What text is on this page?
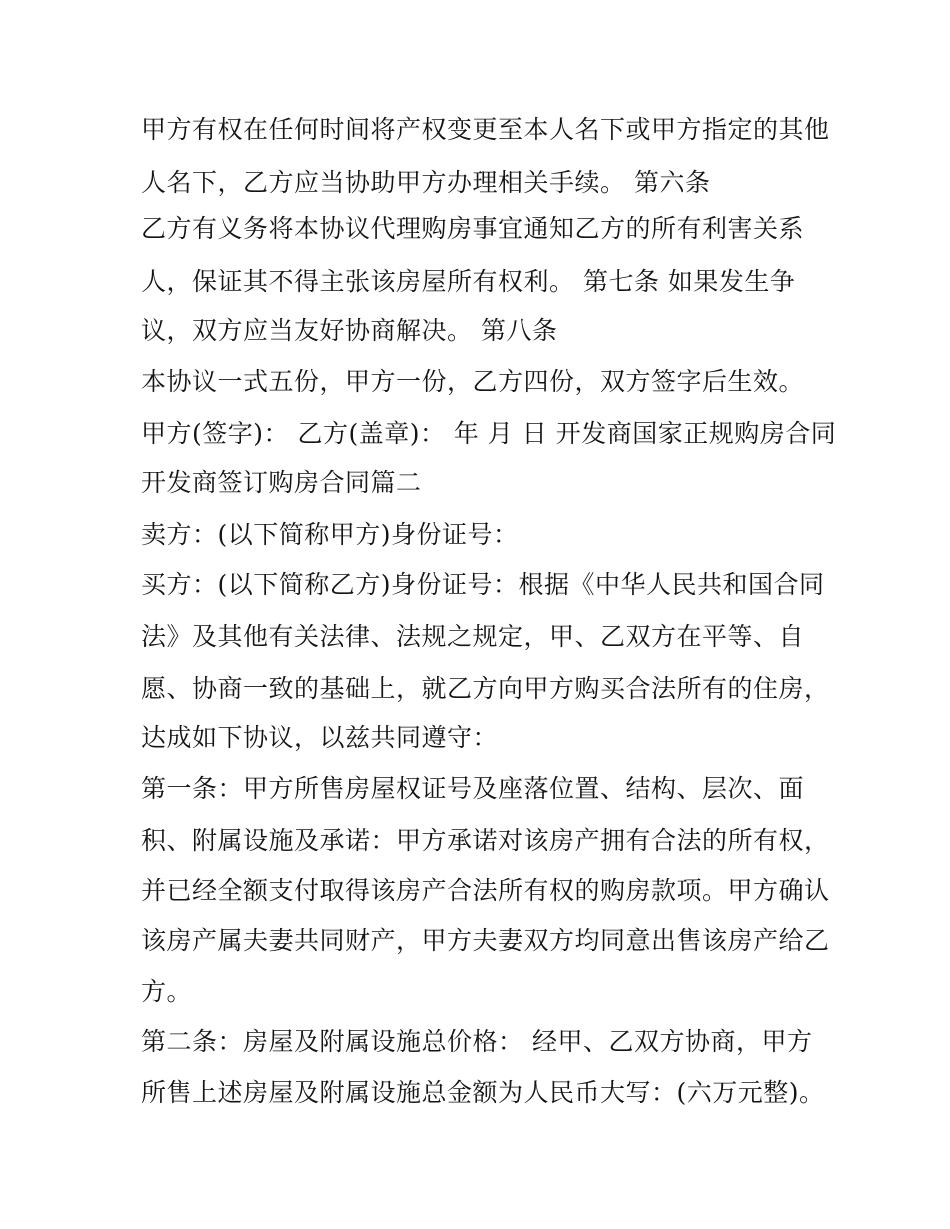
甲方有权在任何时间将产权变更至本人名下或甲方指定的其他
人名下，乙方应当协助甲方办理相关手续。 第六条
乙方有义务将本协议代理购房事宜通知乙方的所有利害关系
人，保证其不得主张该房屋所有权利。 第七条 如果发生争
议，双方应当友好协商解决。 第八条
本协议一式五份，甲方一份，乙方四份，双方签字后生效。
甲方(签字)： 乙方(盖章)： 年 月 日 开发商国家正规购房合同
开发商签订购房合同篇二
卖方：(以下简称甲方)身份证号：
买方：(以下简称乙方)身份证号：根据《中华人民共和国合同
法》及其他有关法律、法规之规定，甲、乙双方在平等、自
愿、协商一致的基础上，就乙方向甲方购买合法所有的住房，
达成如下协议，以兹共同遵守：
第一条：甲方所售房屋权证号及座落位置、结构、层次、面
积、附属设施及承诺：甲方承诺对该房产拥有合法的所有权，
并已经全额支付取得该房产合法所有权的购房款项。甲方确认
该房产属夫妻共同财产，甲方夫妻双方均同意出售该房产给乙
方。
第二条：房屋及附属设施总价格： 经甲、乙双方协商，甲方
所售上述房屋及附属设施总金额为人民币大写：(六万元整)。
